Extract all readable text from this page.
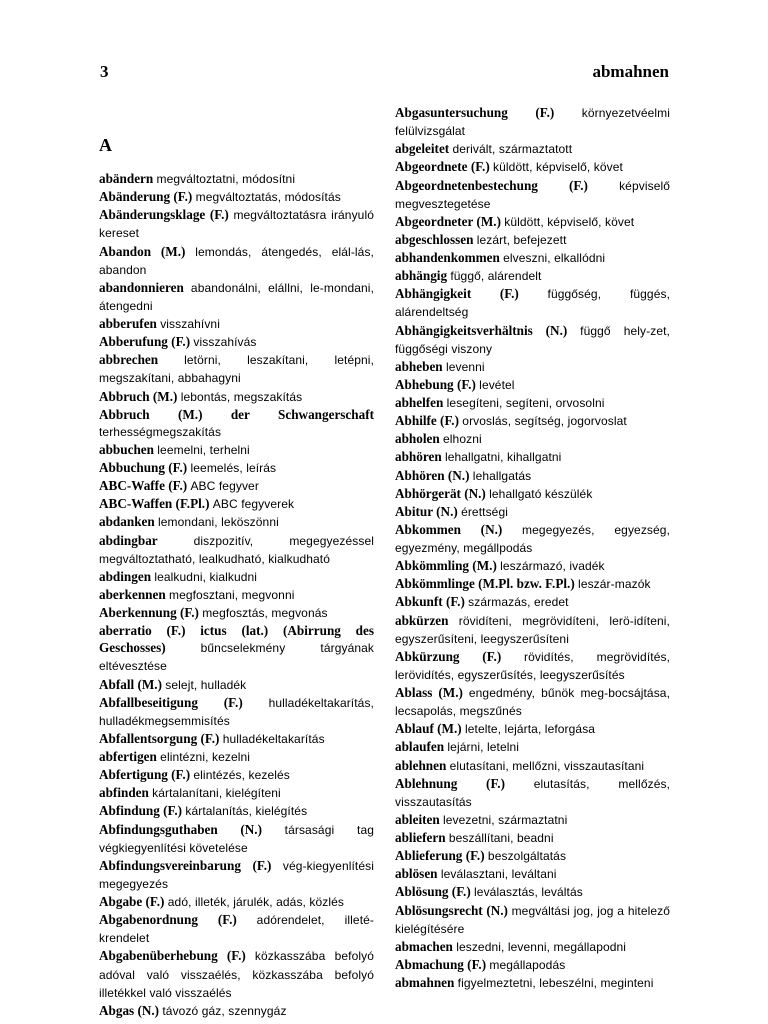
3	abmahnen
A
abändern megváltoztatni, módosítni
Abänderung (F.) megváltoztatás, módosítás
Abänderungsklage (F.) megváltoztatásra irányuló kereset
Abandon (M.) lemondás, átengedés, elál-lás, abandon
abandonnieren abandonálni, elállni, le-mondani, átengedni
abberufen visszahívni
Abberufung (F.) visszahívás
abbrechen letörni, leszakítani, letépni, megszakítani, abbahagyni
Abbruch (M.) lebontás, megszakítás
Abbruch (M.) der Schwangerschaft terhességmegszakítás
abbuchen leemelni, terhelni
Abbuchung (F.) leemelés, leírás
ABC-Waffe (F.) ABC fegyver
ABC-Waffen (F.Pl.) ABC fegyverek
abdanken lemondani, leköszönni
abdingbar	diszpozitív, megegyezéssel megváltoztatható, lealkudható, kialkudható
abdingen lealkudni, kialkudni
aberkennen megfosztani, megvonni
Aberkennung (F.) megfosztás, megvonás
aberratio (F.) ictus (lat.) (Abirrung des Geschosses)	bűncselekmény tárgyának eltévesztése
Abfall (M.) selejt, hulladék
Abfallbeseitigung (F.) hulladékeltakarítás, hulladékmegsemmisítés
Abfallentsorgung (F.) hulladékeltakarítás
abfertigen elintézni, kezelni
Abfertigung (F.) elintézés, kezelés
abfinden kártalanítani, kielégíteni
Abfindung (F.) kártalanítás, kielégítés
Abfindungsguthaben (N.) társasági tag végkiegyenlítési követelése
Abfindungsvereinbarung (F.) vég-kiegyenlítési megegyezés
Abgabe (F.) adó, illeték, járulék, adás, közlés
Abgabenordnung (F.) adórendelet, illeté-krendelet
Abgabenüberhebung (F.) közkasszába befolyó adóval való visszaélés, közkasszába befolyó illetékkel való visszaélés
Abgas (N.) távozó gáz, szennygáz
Abgasuntersuchung (F.) környezetvéelmi felülvizsgálat
abgeleitet derivált, származtatott
Abgeordnete (F.) küldött, képviselő, követ
Abgeordnetenbestechung (F.)	képviselő megvesztegetése
Abgeordneter (M.) küldött, képviselő, követ
abgeschlossen lezárt, befejezett
abhandenkommen elveszni, elkallódni
abhängig függő, alárendelt
Abhängigkeit (F.) függőség, függés, alárendeltség
Abhängigkeitsverhältnis (N.) függő hely-zet, függőségi viszony
abheben levenni
Abhebung (F.) levétel
abhelfen lesegíteni, segíteni, orvosolni
Abhilfe (F.) orvoslás, segítség, jogorvoslat
abholen elhozni
abhören lehallgatni, kihallgatni
Abhören (N.) lehallgatás
Abhörgerät (N.) lehallgató készülék
Abitur (N.) érettségi
Abkommen (N.) megegyezés, egyezség, egyezmény, megállpodás
Abkömmling (M.) leszármazó, ivadék
Abkömmlinge (M.Pl. bzw. F.Pl.) leszár-mazók
Abkunft (F.) származás, eredet
abkürzen rövidíteni, megrövidíteni, lerö-idíteni, egyszerűsíteni, leegyszerűsíteni
Abkürzung (F.) rövidítés, megrövidítés, lerövidítés, egyszerűsítés, leegyszerűsítés
Ablass (M.) engedmény, bűnök meg-bocsájtása, lecsapolás, megszűnés
Ablauf (M.) letelte, lejárta, leforgása
ablaufen lejárni, letelni
ablehnen elutasítani, mellőzni, visszautasítani
Ablehnung (F.) elutasítás, mellőzés, visszautasítás
ableiten levezetni, származtatni
abliefern beszállítani, beadni
Ablieferung (F.) beszolgáltatás
ablösen leválasztani, leváltani
Ablösung (F.) leválasztás, leváltás
Ablösungsrecht (N.) megváltási jog, jog a hitelező kielégítésére
abmachen leszedni, levenni, megállapodni
Abmachung (F.) megállapodás
abmahnen figyelmeztetni, lebeszélni, meginteni
